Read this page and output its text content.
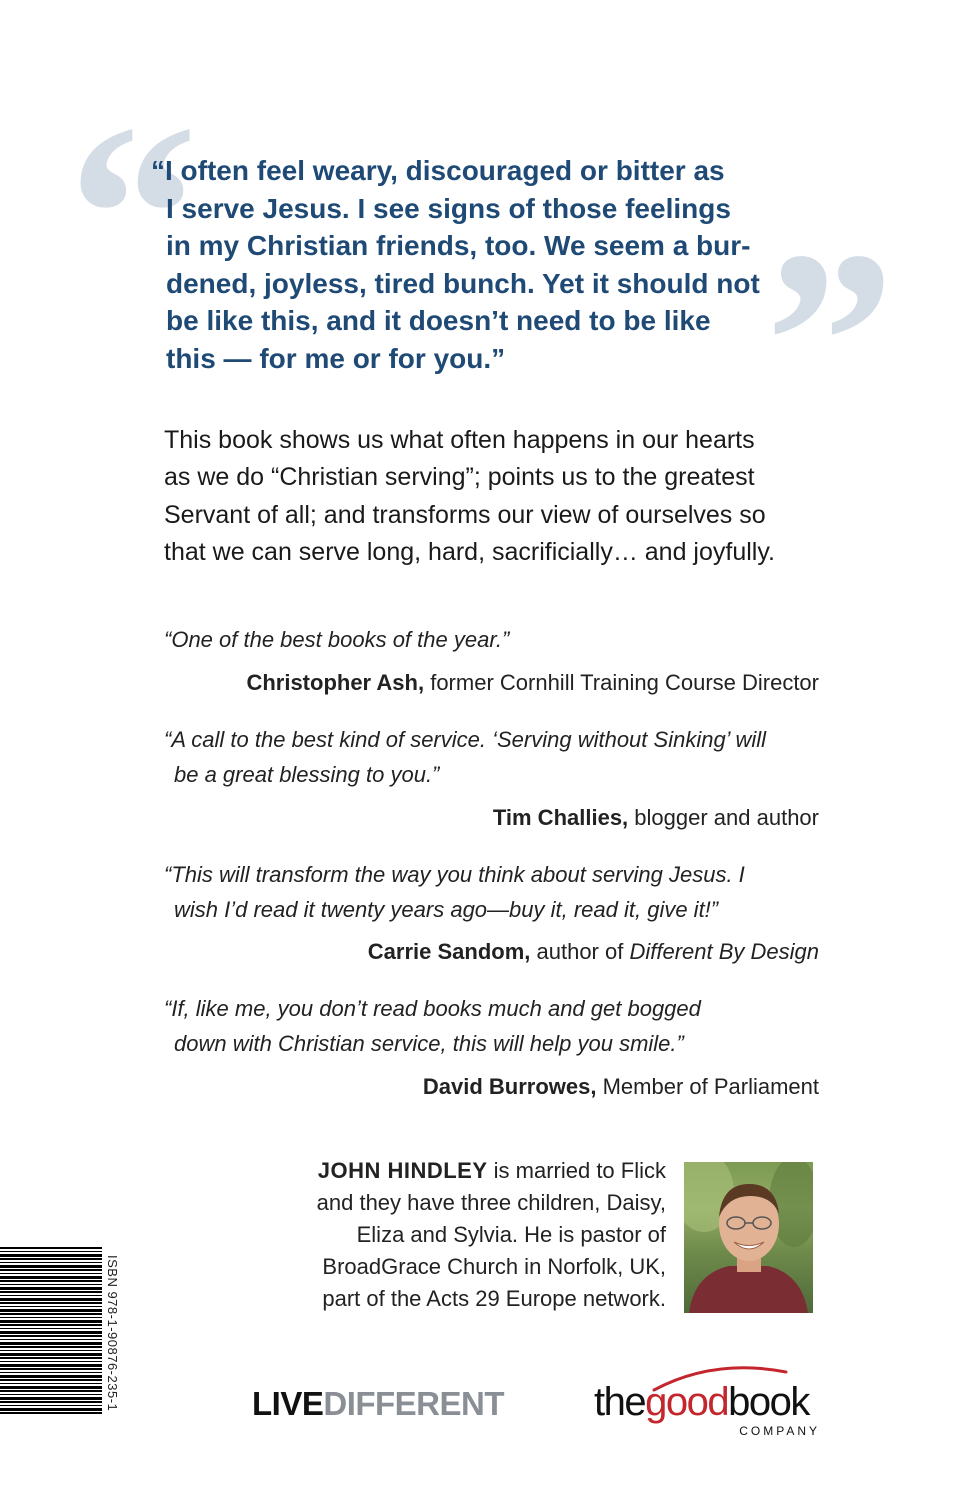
“ ”

“I often feel weary, discouraged or bitter as
I serve Jesus. I see signs of those feelings
in my Christian friends, too. We seem a bur-
dened, joyless, tired bunch. Yet it should not
be like this, and it doesn’t need to be like
this — for me or for you.”

This book shows us what often happens in our hearts
as we do “Christian serving”; points us to the greatest
Servant of all; and transforms our view of ourselves so
that we can serve long, hard, sacrificially… and joyfully.

“One of the best books of the year.”

Christopher Ash, former Cornhill Training Course Director

“A call to the best kind of service. ‘Serving without Sinking’ will
be a great blessing to you.”

Tim Challies, blogger and author

“This will transform the way you think about serving Jesus. I
wish I’d read it twenty years ago—buy it, read it, give it!”

Carrie Sandom, author of Different By Design

“If, like me, you don’t read books much and get bogged
down with Christian service, this will help you smile.”

David Burrowes, Member of Parliament

JOHN HINDLEY is married to Flick
and they have three children, Daisy,
Eliza and Sylvia. He is pastor of
BroadGrace Church in Norfolk, UK,
part of the Acts 29 Europe network.

ISBN 978-1-90876-235-1	LIVEDIFFERENT thegoodbook
COMPANY
